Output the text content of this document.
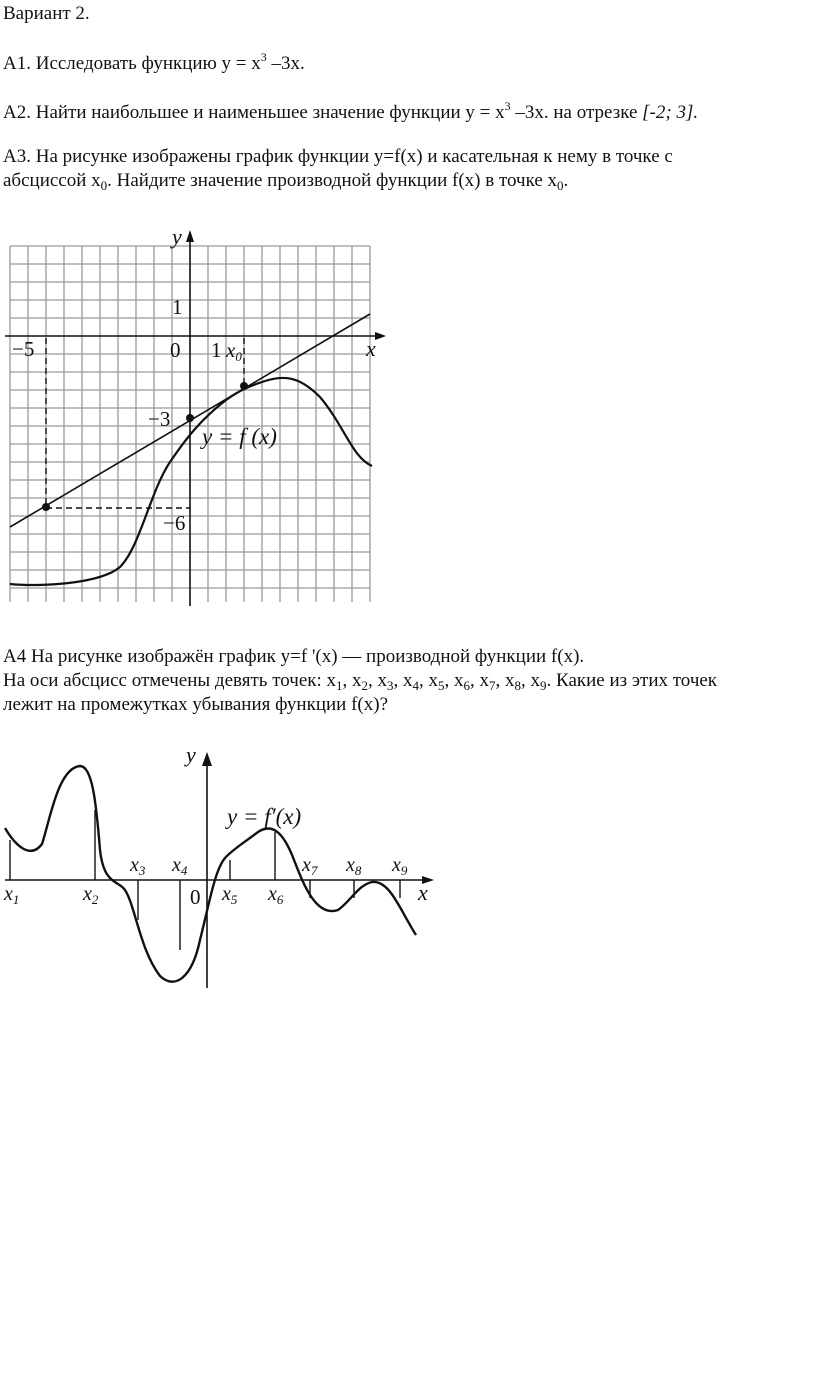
Вариант 2.
А1. Исследовать функцию $y = x^3$ –3x.
А2. Найти наибольшее и наименьшее значение функции $y = x^3$ –3x. на отрезке [-2; 3].
А3. На рисунке изображены график функции y=f(x) и касательная к нему в точке с
абсциссой $x_0$. Найдите значение производной функции f(x) в точке $x_0$.
y
x
0 1
1
x0
−5
−3
−6
y = f (x)
А4 На рисунке изображён график y=f '(x) — производной функции f(x).
На оси абсцисс отмечены девять точек: $x_1$, $x_2$, $x_3$, $x_4$, $x_5$, $x_6$, $x_7$, $x_8$, $x_9$. Какие из этих точек
лежит на промежутках убывания функции f(x)?
y
x
0
y = f′(x)
$x_1$	$x_2$
$x_3$ $x_4$
$x_5$ $x_6$
$x_7$ $x_8$ $x_9$
